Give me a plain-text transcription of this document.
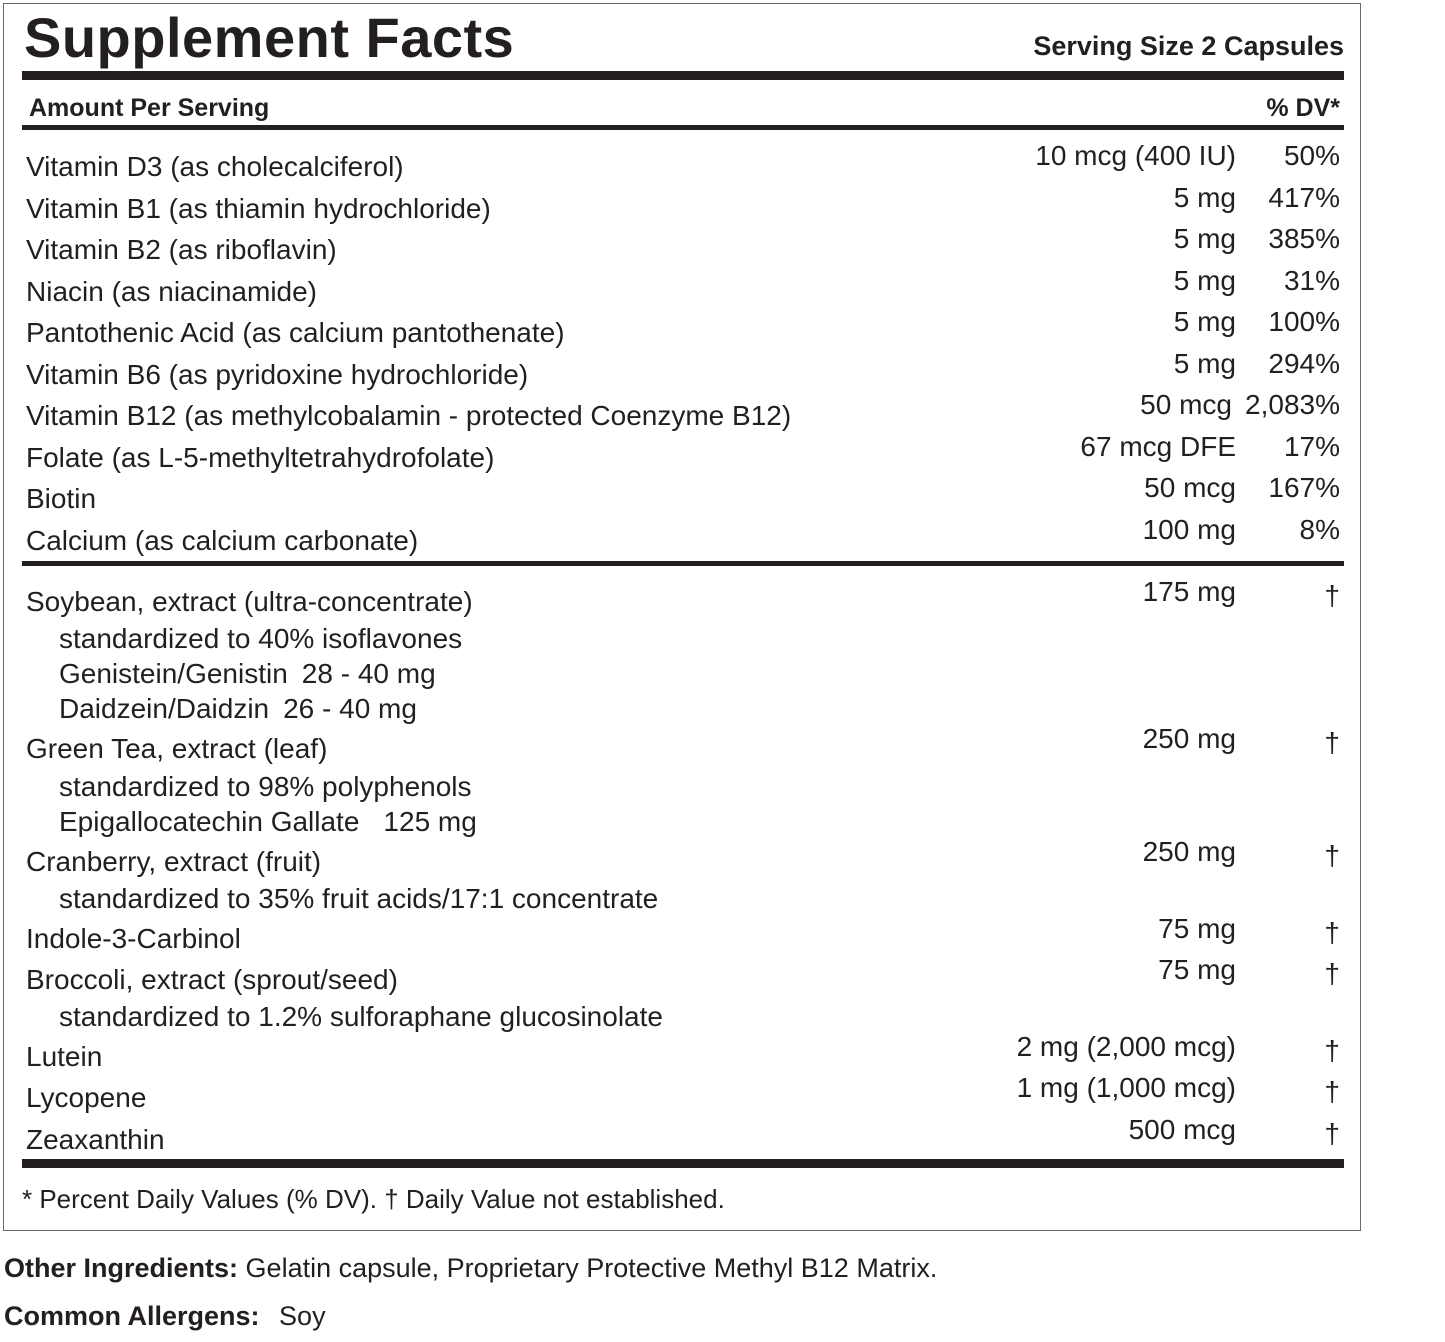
Supplement Facts	Serving Size 2 Capsules
Amount Per Serving	% DV*
Vitamin D3 (as cholecalciferol)	10 mcg (400 IU) 50%
Vitamin B1 (as thiamin hydrochloride)	5 mg 417%
Vitamin B2 (as riboflavin)	5 mg 385%
Niacin (as niacinamide)	5 mg 31%
Pantothenic Acid (as calcium pantothenate)	5 mg 100%
Vitamin B6 (as pyridoxine hydrochloride)	5 mg 294%
Vitamin B12 (as methylcobalamin - protected Coenzyme B12)	50 mcg 2,083%
Folate (as L-5-methyltetrahydrofolate)	67 mcg DFE 17%
Biotin	50 mcg 167%
Calcium (as calcium carbonate)	100 mg 8%
Soybean, extract (ultra-concentrate)	175 mg	†
standardized to 40% isoflavones
Genistein/Genistin 28 - 40 mg
Daidzein/Daidzin 26 - 40 mg
Green Tea, extract (leaf)	250 mg	†
standardized to 98% polyphenols
Epigallocatechin Gallate 125 mg
Cranberry, extract (fruit)	250 mg	†
standardized to 35% fruit acids/17:1 concentrate
Indole-3-Carbinol	75 mg	†
Broccoli, extract (sprout/seed)	75 mg	†
standardized to 1.2% sulforaphane glucosinolate
Lutein	2 mg (2,000 mcg)	†
Lycopene	1 mg (1,000 mcg)	†
Zeaxanthin	500 mcg	†
* Percent Daily Values (% DV). † Daily Value not established.
Other Ingredients: Gelatin capsule, Proprietary Protective Methyl B12 Matrix.
Common Allergens: Soy
